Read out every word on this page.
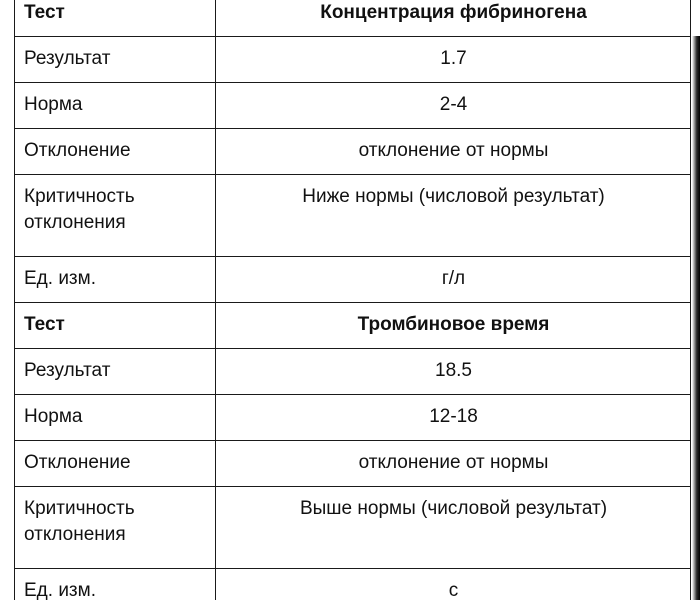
Тест	Концентрация фибриногена
Результат	1.7
Норма	2-4
Отклонение	отклонение от нормы
Критичность отклонения	Ниже нормы (числовой результат)
Ед. изм.	г/л
Тест	Тромбиновое время
Результат	18.5
Норма	12-18
Отклонение	отклонение от нормы
Критичность отклонения	Выше нормы (числовой результат)
Ед. изм.	с
